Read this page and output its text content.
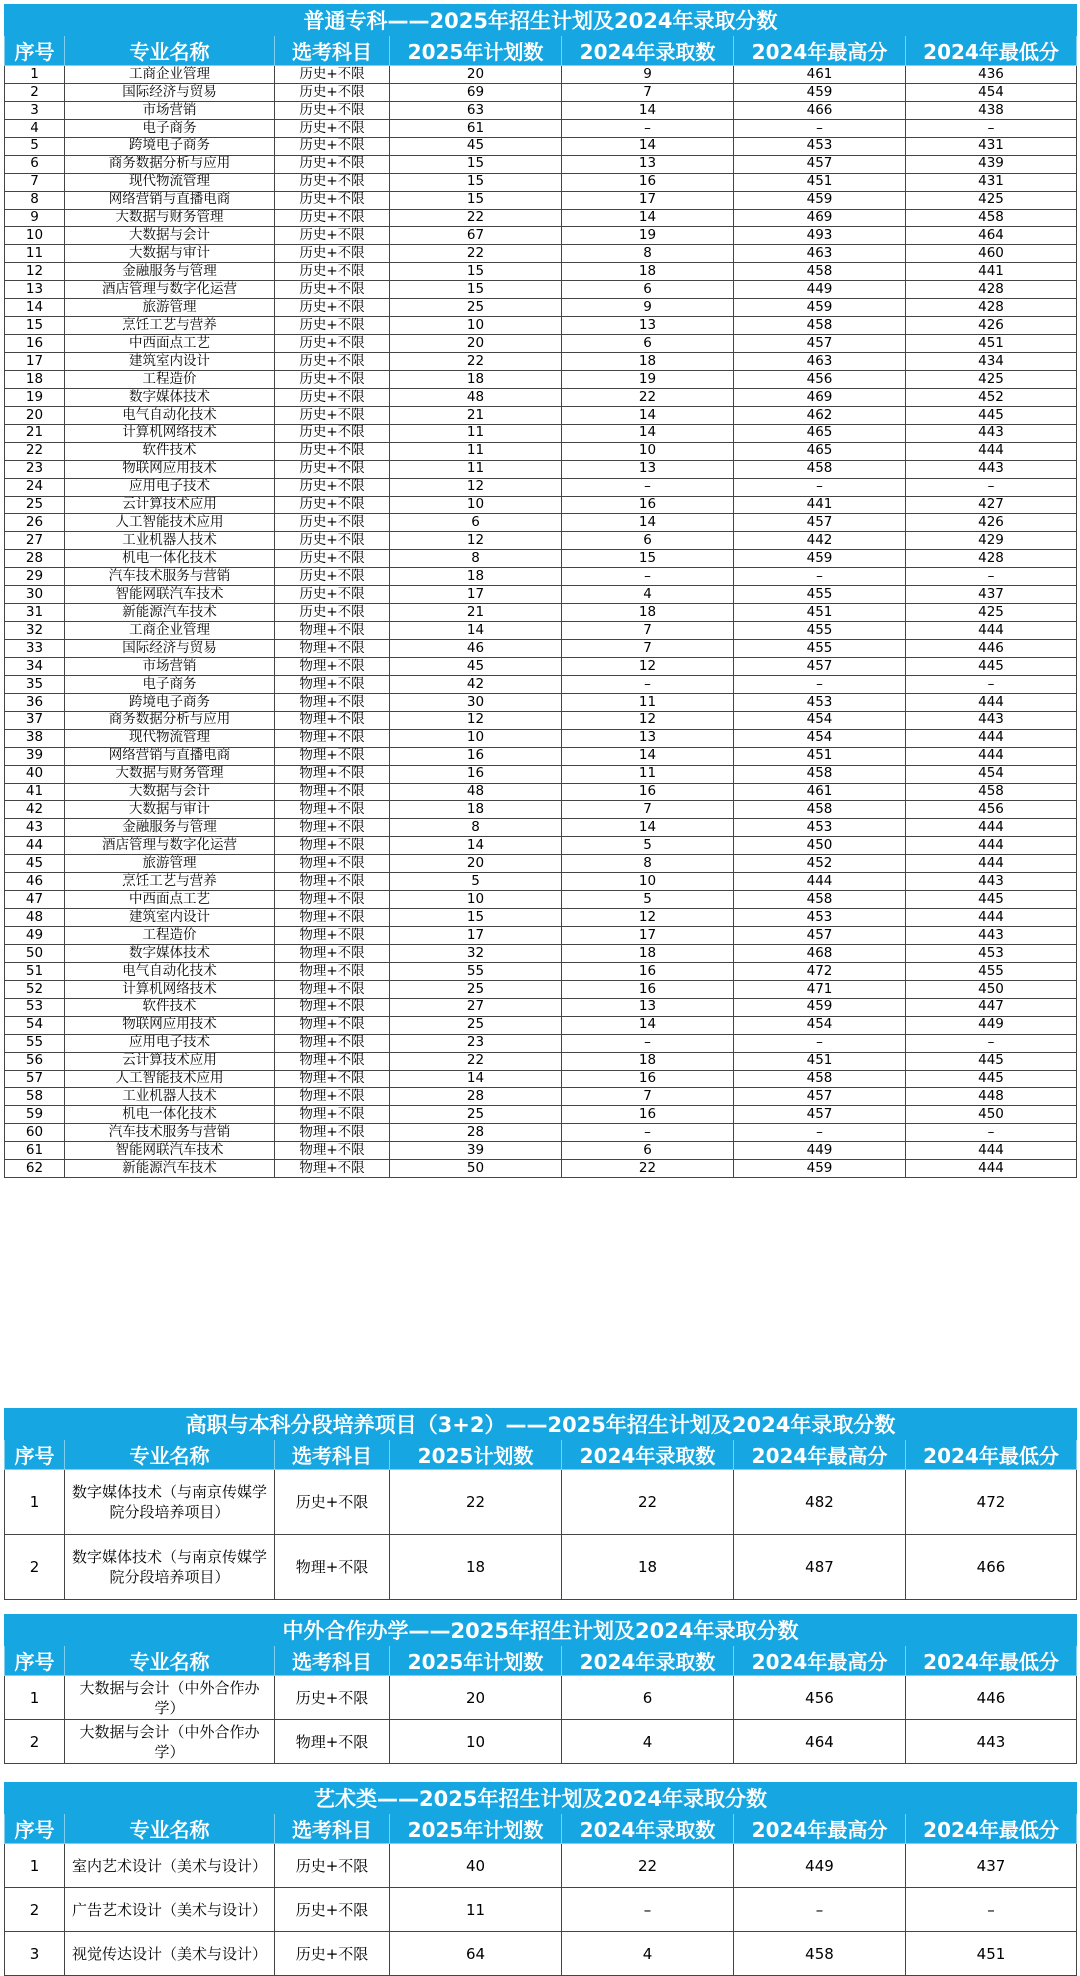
普通专科——2025年招生计划及2024年录取分数						
序号	专业名称	选考科目	2025年计划数	2024年录取数	2024年最高分	2024年最低分
1	工商企业管理	历史+不限	20	9	461	436
2	国际经济与贸易	历史+不限	69	7	459	454
3	市场营销	历史+不限	63	14	466	438
4	电子商务	历史+不限	61	–	–	–
5	跨境电子商务	历史+不限	45	14	453	431
6	商务数据分析与应用	历史+不限	15	13	457	439
7	现代物流管理	历史+不限	15	16	451	431
8	网络营销与直播电商	历史+不限	15	17	459	425
9	大数据与财务管理	历史+不限	22	14	469	458
10	大数据与会计	历史+不限	67	19	493	464
11	大数据与审计	历史+不限	22	8	463	460
12	金融服务与管理	历史+不限	15	18	458	441
13	酒店管理与数字化运营	历史+不限	15	6	449	428
14	旅游管理	历史+不限	25	9	459	428
15	烹饪工艺与营养	历史+不限	10	13	458	426
16	中西面点工艺	历史+不限	20	6	457	451
17	建筑室内设计	历史+不限	22	18	463	434
18	工程造价	历史+不限	18	19	456	425
19	数字媒体技术	历史+不限	48	22	469	452
20	电气自动化技术	历史+不限	21	14	462	445
21	计算机网络技术	历史+不限	11	14	465	443
22	软件技术	历史+不限	11	10	465	444
23	物联网应用技术	历史+不限	11	13	458	443
24	应用电子技术	历史+不限	12	–	–	–
25	云计算技术应用	历史+不限	10	16	441	427
26	人工智能技术应用	历史+不限	6	14	457	426
27	工业机器人技术	历史+不限	12	6	442	429
28	机电一体化技术	历史+不限	8	15	459	428
29	汽车技术服务与营销	历史+不限	18	–	–	–
30	智能网联汽车技术	历史+不限	17	4	455	437
31	新能源汽车技术	历史+不限	21	18	451	425
32	工商企业管理	物理+不限	14	7	455	444
33	国际经济与贸易	物理+不限	46	7	455	446
34	市场营销	物理+不限	45	12	457	445
35	电子商务	物理+不限	42	–	–	–
36	跨境电子商务	物理+不限	30	11	453	444
37	商务数据分析与应用	物理+不限	12	12	454	443
38	现代物流管理	物理+不限	10	13	454	444
39	网络营销与直播电商	物理+不限	16	14	451	444
40	大数据与财务管理	物理+不限	16	11	458	454
41	大数据与会计	物理+不限	48	16	461	458
42	大数据与审计	物理+不限	18	7	458	456
43	金融服务与管理	物理+不限	8	14	453	444
44	酒店管理与数字化运营	物理+不限	14	5	450	444
45	旅游管理	物理+不限	20	8	452	444
46	烹饪工艺与营养	物理+不限	5	10	444	443
47	中西面点工艺	物理+不限	10	5	458	445
48	建筑室内设计	物理+不限	15	12	453	444
49	工程造价	物理+不限	17	17	457	443
50	数字媒体技术	物理+不限	32	18	468	453
51	电气自动化技术	物理+不限	55	16	472	455
52	计算机网络技术	物理+不限	25	16	471	450
53	软件技术	物理+不限	27	13	459	447
54	物联网应用技术	物理+不限	25	14	454	449
55	应用电子技术	物理+不限	23	–	–	–
56	云计算技术应用	物理+不限	22	18	451	445
57	人工智能技术应用	物理+不限	14	16	458	445
58	工业机器人技术	物理+不限	28	7	457	448
59	机电一体化技术	物理+不限	25	16	457	450
60	汽车技术服务与营销	物理+不限	28	–	–	–
61	智能网联汽车技术	物理+不限	39	6	449	444
62	新能源汽车技术	物理+不限	50	22	459	444
高职与本科分段培养项目（3+2）——2025年招生计划及2024年录取分数						
序号	专业名称	选考科目	2025计划数	2024年录取数	2024年最高分	2024年最低分
1	数字媒体技术（与南京传媒学院分段培养项目）	历史+不限	22	22	482	472
2	数字媒体技术（与南京传媒学院分段培养项目）	物理+不限	18	18	487	466
中外合作办学——2025年招生计划及2024年录取分数						
序号	专业名称	选考科目	2025年计划数	2024年录取数	2024年最高分	2024年最低分
1	大数据与会计（中外合作办学）	历史+不限	20	6	456	446
2	大数据与会计（中外合作办学）	物理+不限	10	4	464	443
艺术类——2025年招生计划及2024年录取分数						
序号	专业名称	选考科目	2025年计划数	2024年录取数	2024年最高分	2024年最低分
1	室内艺术设计（美术与设计）	历史+不限	40	22	449	437
2	广告艺术设计（美术与设计）	历史+不限	11	–	–	–
3	视觉传达设计（美术与设计）	历史+不限	64	4	458	451
